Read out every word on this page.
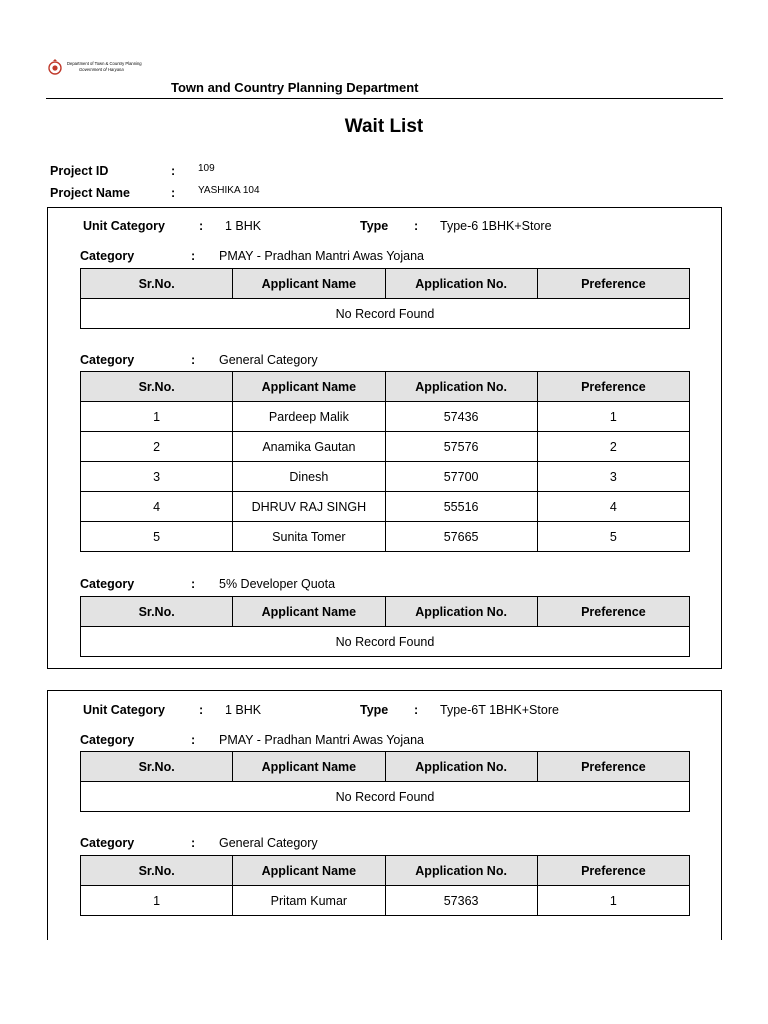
Department of Town & Country Planning
Government of Haryana
Town and Country Planning Department
Wait List
Project ID	: 109
Project Name	: YASHIKA 104
Unit Category	: 1 BHK	Type : Type-6 1BHK+Store
Category	: PMAY - Pradhan Mantri Awas Yojana
Sr.No.	Applicant Name	Application No.	Preference
No Record Found
Category	: General Category
Sr.No.	Applicant Name	Application No.	Preference
1	Pardeep Malik	57436	1
2	Anamika Gautan	57576	2
3	Dinesh	57700	3
4	DHRUV RAJ SINGH	55516	4
5	Sunita Tomer	57665	5
Category	: 5% Developer Quota
Sr.No.	Applicant Name	Application No.	Preference
No Record Found
Unit Category	: 1 BHK	Type : Type-6T 1BHK+Store
Category	: PMAY - Pradhan Mantri Awas Yojana
Sr.No.	Applicant Name	Application No.	Preference
No Record Found
Category	: General Category
Sr.No.	Applicant Name	Application No.	Preference
1	Pritam Kumar	57363	1
